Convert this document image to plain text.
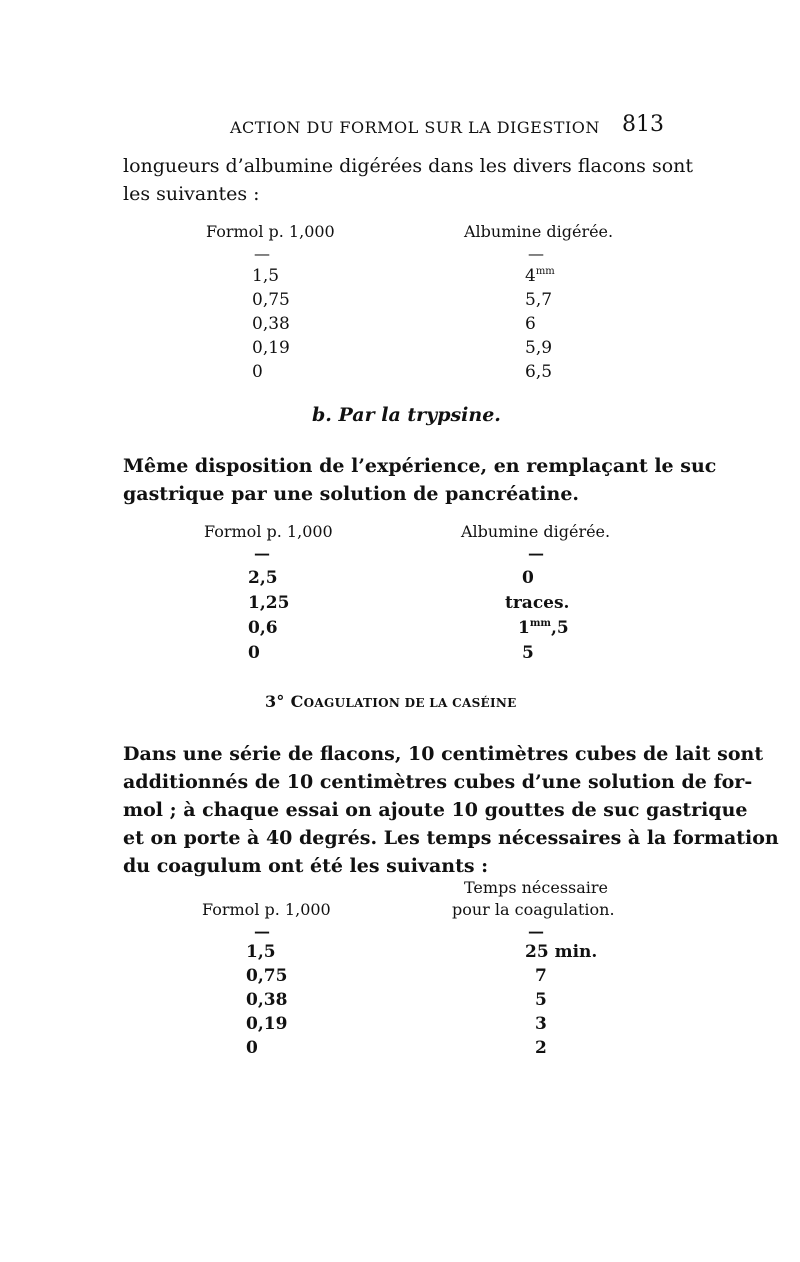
ACTION DU FORMOL SUR LA DIGESTION 813
longueurs d’albumine digérées dans les divers flacons sont
les suivantes :
Formol p. 1,000	Albumine digérée.
—	—
1,5	$4^{mm}$
0,75	5,7
0,38	6
0,19	5,9
0	6,5
b. Par la trypsine.
Même disposition de l’expérience, en remplaçant le suc
gastrique par une solution de pancréatine.
Formol p. 1,000	Albumine digérée.
—	—
2,5	0
1,25	traces.
0,6	$1^{mm},5$
0	5
3° COAGULATION DE LA CASÉINE
Dans une série de flacons, 10 centimètres cubes de lait sont
additionnés de 10 centimètres cubes d’une solution de for-
mol ; à chaque essai on ajoute 10 gouttes de suc gastrique
et on porte à 40 degrés. Les temps nécessaires à la formation
du coagulum ont été les suivants :
Temps nécessaire
Formol p. 1,000	pour la coagulation.
—	—
1,5	25 min.
0,75	7
0,38	5
0,19	3
0	2
